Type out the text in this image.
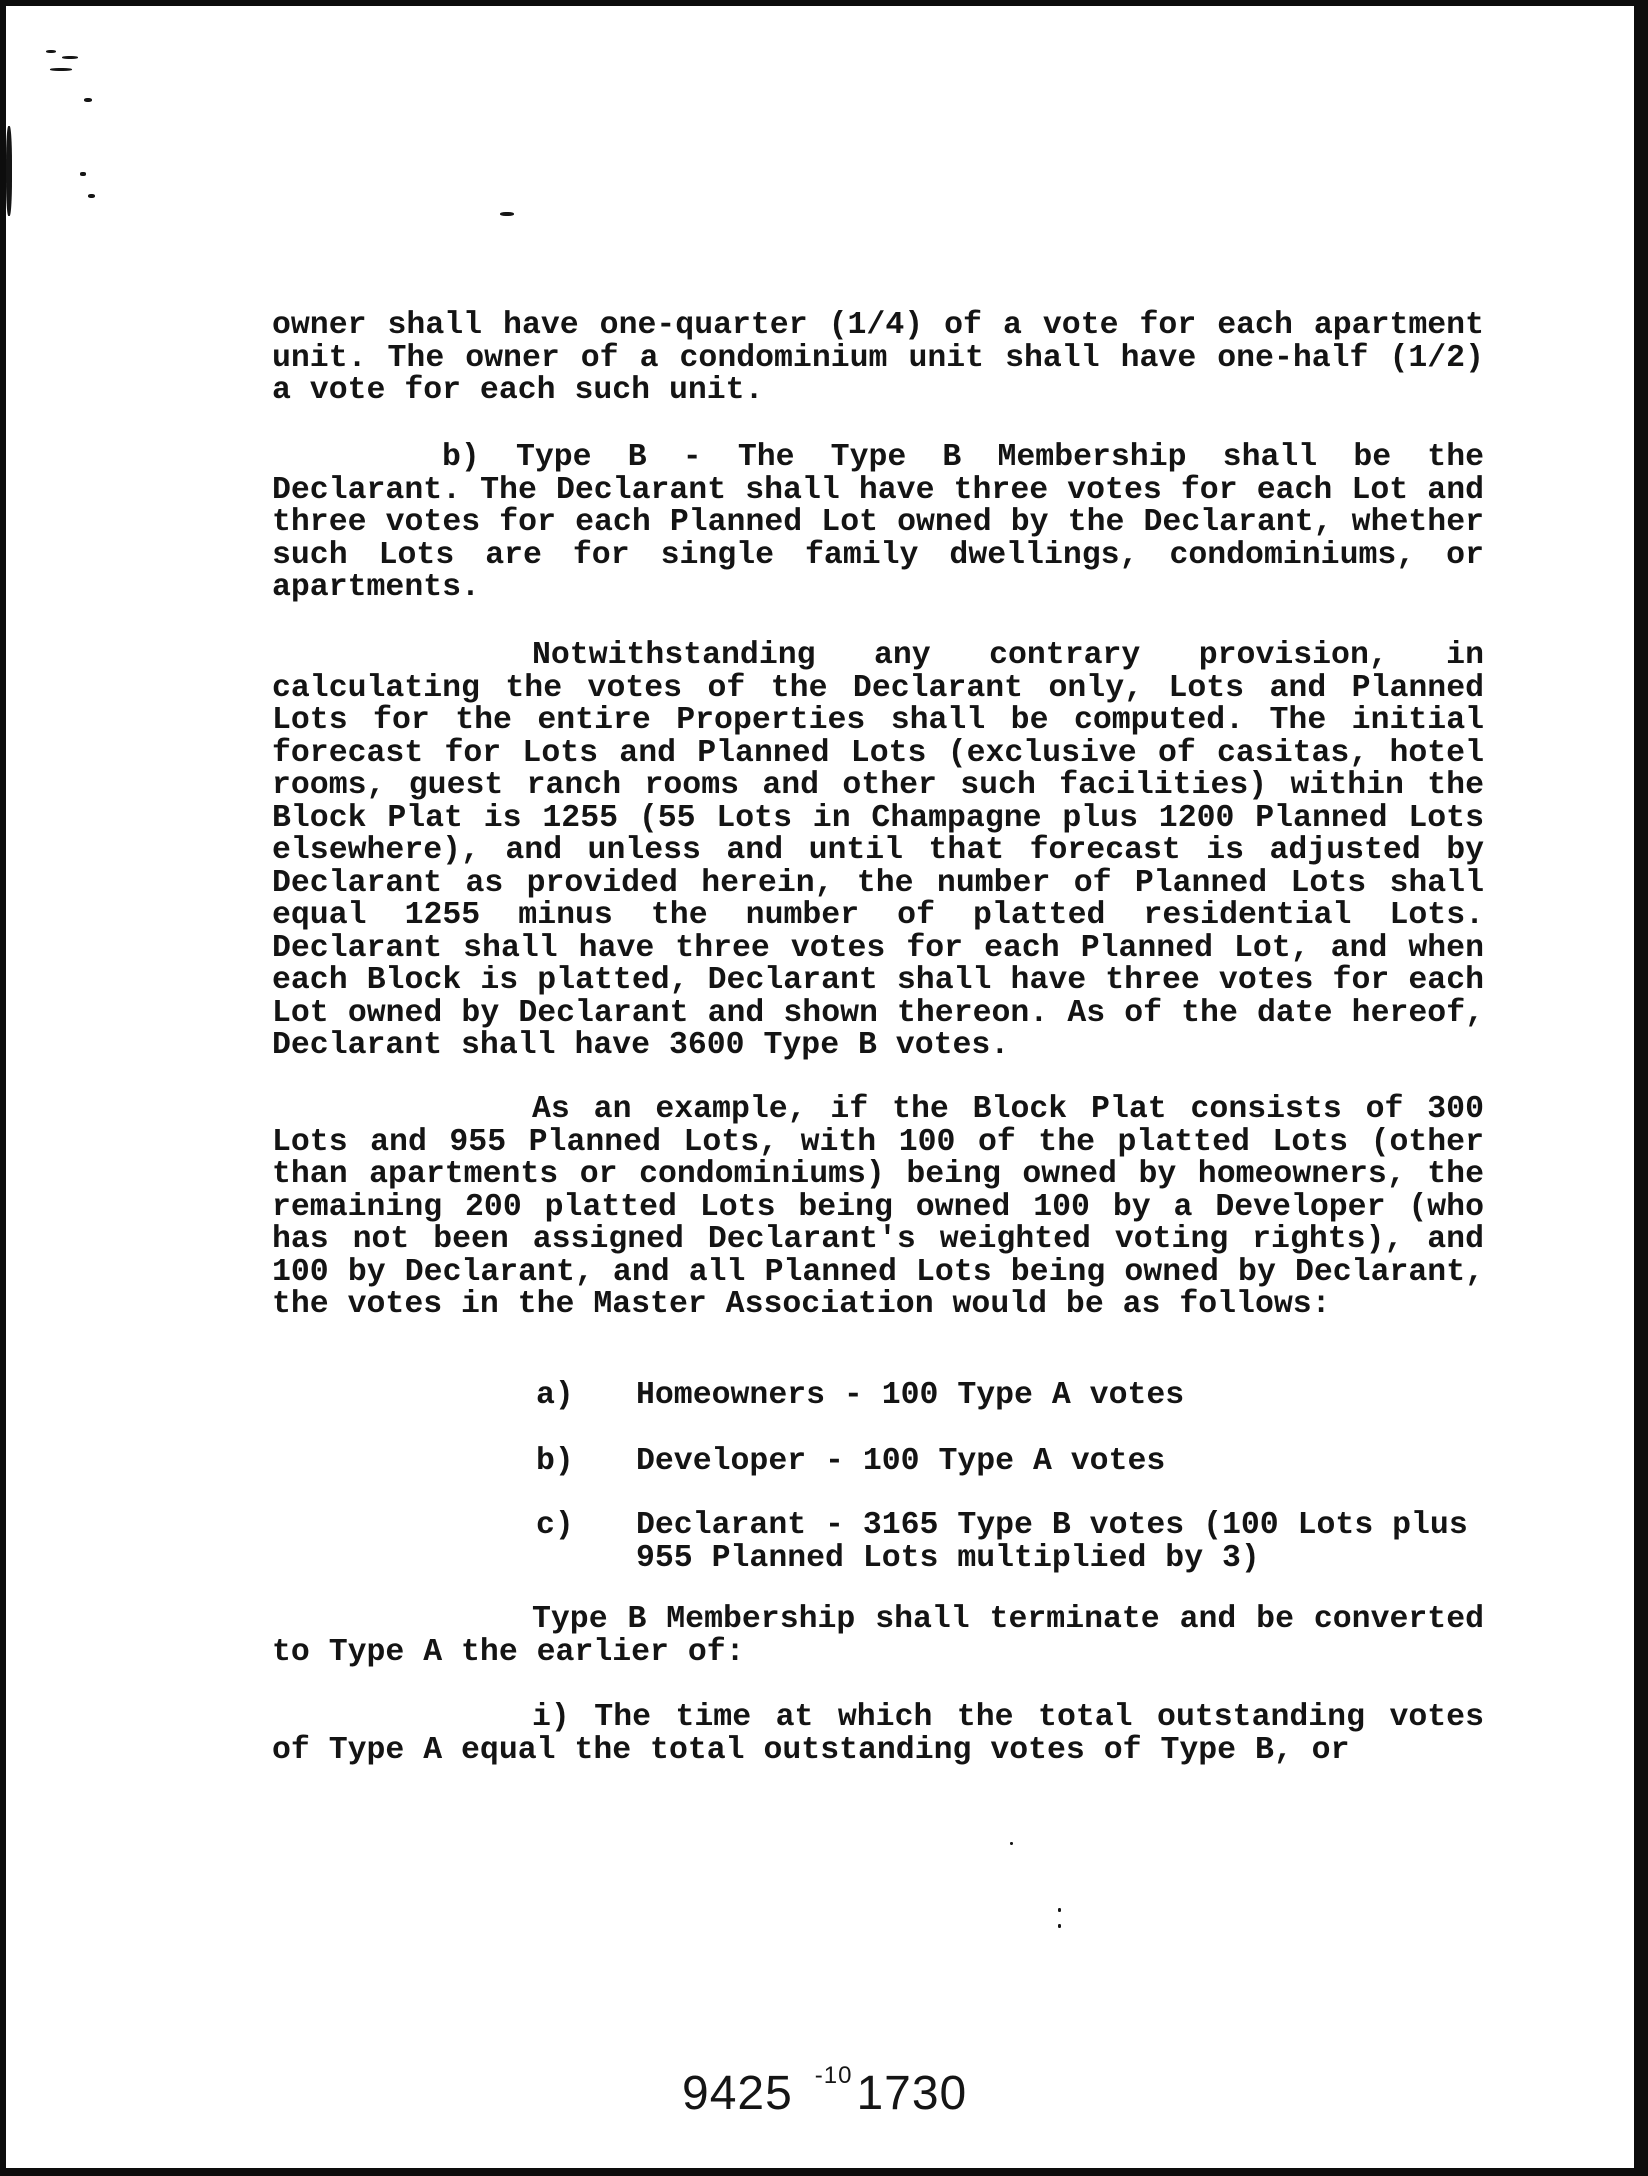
owner shall have one-quarter (1/4) of a vote for each apartment unit. The owner of a condominium unit shall have one-half (1/2) a vote for each such unit.

b) Type B - The Type B Membership shall be the Declarant. The Declarant shall have three votes for each Lot and three votes for each Planned Lot owned by the Declarant, whether such Lots are for single family dwellings, condominiums, or apartments.

Notwithstanding any contrary provision, in calculating the votes of the Declarant only, Lots and Planned Lots for the entire Properties shall be computed. The initial forecast for Lots and Planned Lots (exclusive of casitas, hotel rooms, guest ranch rooms and other such facilities) within the Block Plat is 1255 (55 Lots in Champagne plus 1200 Planned Lots elsewhere), and unless and until that forecast is adjusted by Declarant as provided herein, the number of Planned Lots shall equal 1255 minus the number of platted residential Lots. Declarant shall have three votes for each Planned Lot, and when each Block is platted, Declarant shall have three votes for each Lot owned by Declarant and shown thereon. As of the date hereof, Declarant shall have 3600 Type B votes.

As an example, if the Block Plat consists of 300 Lots and 955 Planned Lots, with 100 of the platted Lots (other than apartments or condominiums) being owned by homeowners, the remaining 200 platted Lots being owned 100 by a Developer (who has not been assigned Declarant's weighted voting rights), and 100 by Declarant, and all Planned Lots being owned by Declarant, the votes in the Master Association would be as follows:

a)	Homeowners - 100 Type A votes
b)	Developer - 100 Type A votes
c)	Declarant - 3165 Type B votes (100 Lots plus 955 Planned Lots multiplied by 3)

Type B Membership shall terminate and be converted to Type A the earlier of:

i) The time at which the total outstanding votes of Type A equal the total outstanding votes of Type B, or

9425 -10 1730
